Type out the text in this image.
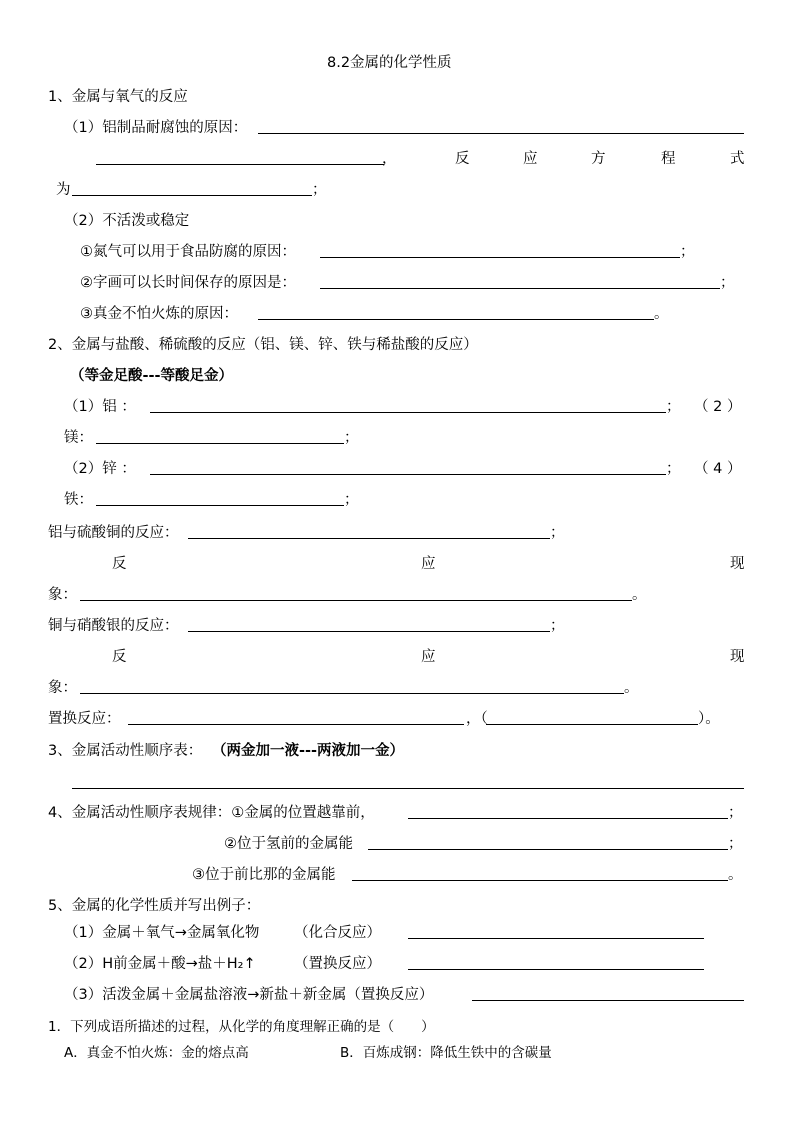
8.2金属的化学性质
1、金属与氧气的反应
（1）铝制品耐腐蚀的原因：
，	反	应	方	程	式
为	；
（2）不活泼或稳定
①氮气可以用于食品防腐的原因：	；
②字画可以长时间保存的原因是：	；
③真金不怕火炼的原因：	。
2、金属与盐酸、稀硫酸的反应（铝、镁、锌、铁与稀盐酸的反应）
（等金足酸---等酸足金）
（1）铝 ：	； （ 2 ）
镁：	；
（2）锌 ：	； （ 4 ）
铁：	；
铝与硫酸铜的反应：	；
反	应	现
象：	。
铜与硝酸银的反应：	；
反	应	现
象：	。
置换反应：	，（	）。
3、金属活动性顺序表： （两金加一液---两液加一金）
4、金属活动性顺序表规律：①金属的位置越靠前，	；
②位于氢前的金属能	；
③位于前比那的金属能	。
5、金属的化学性质并写出例子：
（1）金属＋氧气→金属氧化物 （化合反应）
（2）H前金属＋酸→盐＋H₂↑	（置换反应）
（3）活泼金属＋金属盐溶液→新盐＋新金属（置换反应）
1．下列成语所描述的过程，从化学的角度理解正确的是（　　）
A．真金不怕火炼：金的熔点高	B．百炼成钢：降低生铁中的含碳量
